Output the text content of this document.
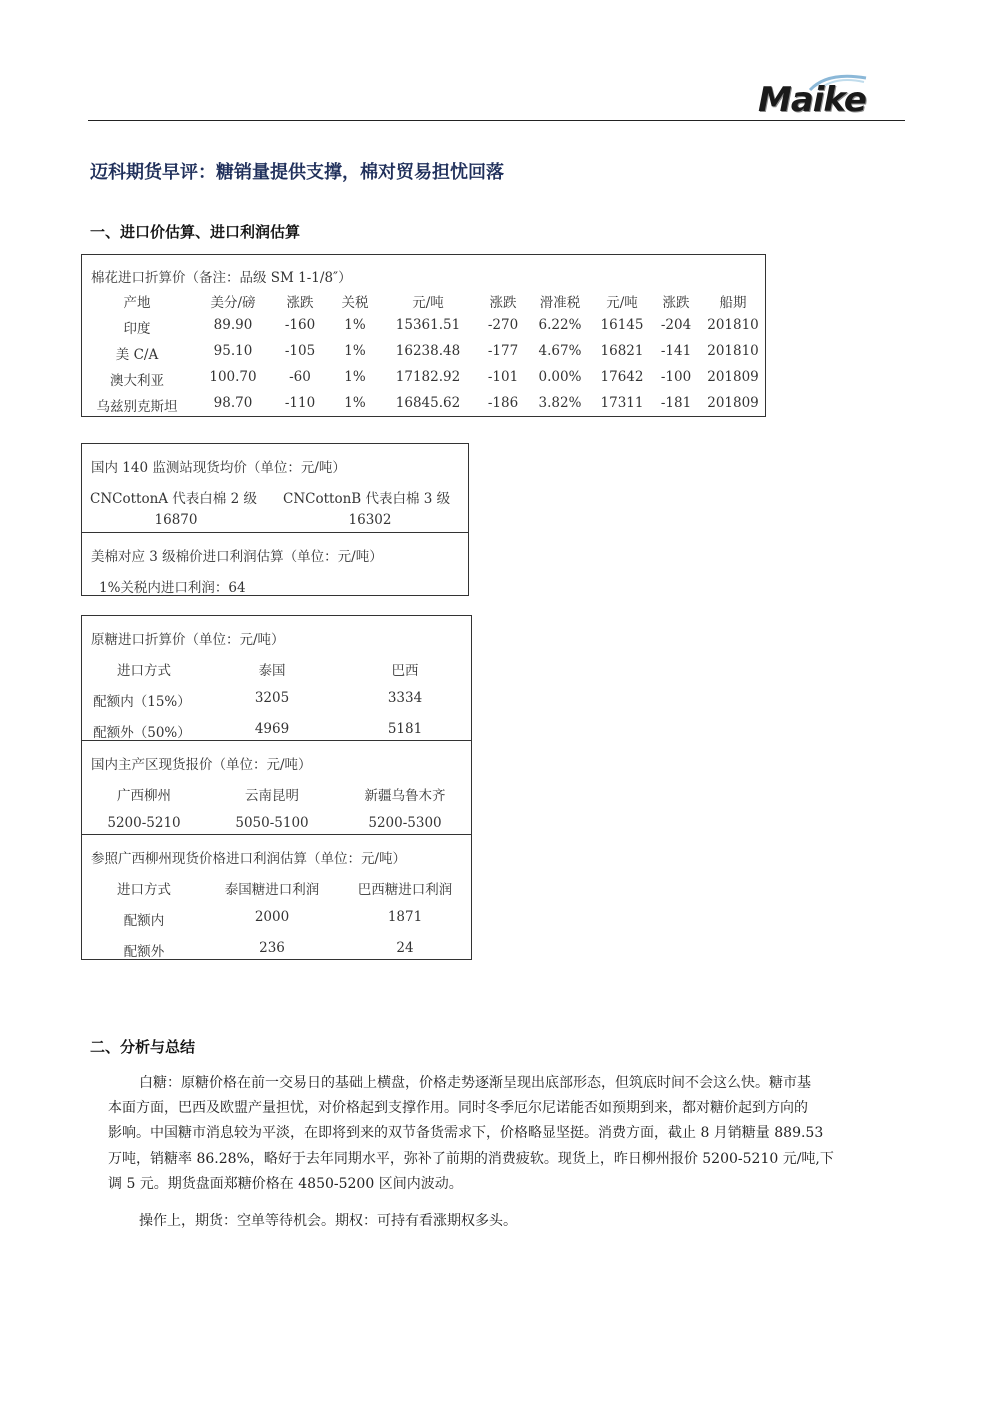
Maike
迈科期货早评：糖销量提供支撑，棉对贸易担忧回落
一、进口价估算、进口利润估算
棉花进口折算价（备注：品级 SM 1-1/8″）
产地	美分/磅 涨跌 关税	元/吨	涨跌 滑准税 元/吨 涨跌 船期
印度	89.90 -160 1% 15361.51 -270 6.22% 16145 -204 201810
美 C/A	95.10 -105 1% 16238.48 -177 4.67% 16821 -141 201810
澳大利亚	100.70 -60 1% 17182.92 -101 0.00% 17642 -100 201809
乌兹别克斯坦	98.70 -110 1% 16845.62 -186 3.82% 17311 -181 201809
国内 140 监测站现货均价（单位：元/吨）
CNCottonA 代表白棉 2 级 CNCottonB 代表白棉 3 级
16870	16302
美棉对应 3 级棉价进口利润估算（单位：元/吨）
1%关税内进口利润：64
原糖进口折算价（单位：元/吨）
进口方式	泰国	巴西
配额内（15%）	3205	3334
配额外（50%）	4969	5181
国内主产区现货报价（单位：元/吨）
广西柳州	云南昆明	新疆乌鲁木齐
5200-5210	5050-5100	5200-5300
参照广西柳州现货价格进口利润估算（单位：元/吨）
进口方式	泰国糖进口利润	巴西糖进口利润
配额内	2000	1871
配额外	236	24
二、分析与总结
白糖：原糖价格在前一交易日的基础上横盘，价格走势逐渐呈现出底部形态，但筑底时间不会这么快。糖市基
本面方面，巴西及欧盟产量担忧，对价格起到支撑作用。同时冬季厄尔尼诺能否如预期到来，都对糖价起到方向的
影响。中国糖市消息较为平淡，在即将到来的双节备货需求下，价格略显坚挺。消费方面，截止 8 月销糖量 889.53
万吨，销糖率 86.28%，略好于去年同期水平，弥补了前期的消费疲软。现货上，昨日柳州报价 5200-5210 元/吨,下
调 5 元。期货盘面郑糖价格在 4850-5200 区间内波动。
操作上，期货：空单等待机会。期权：可持有看涨期权多头。
